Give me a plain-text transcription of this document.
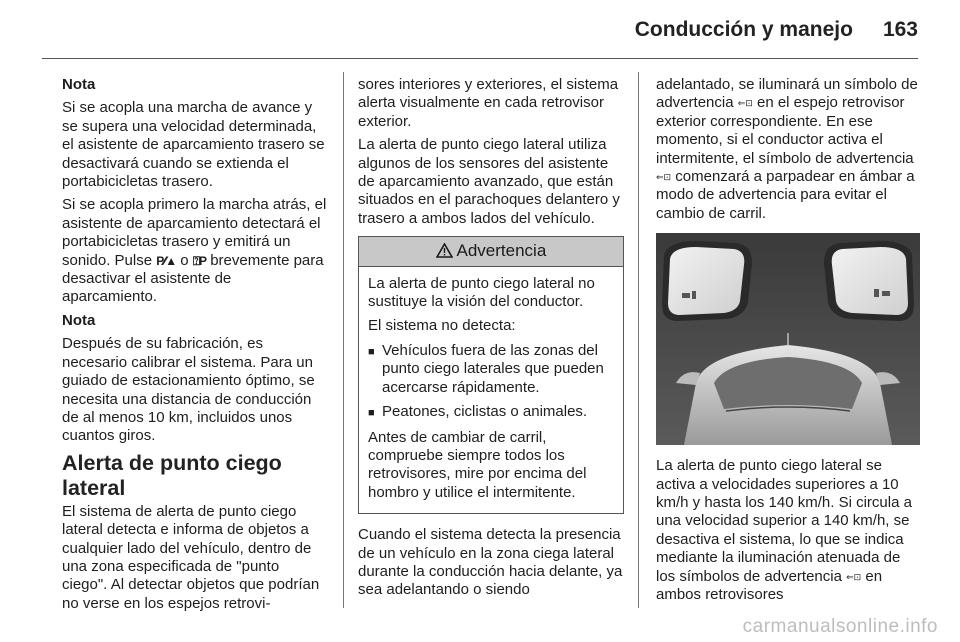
Conducción y manejo 163

Nota

Si se acopla una marcha de avance y se supera una velocidad determinada, el asistente de aparcamiento trasero se desactivará cuando se extienda el portabicicletas trasero.

Si se acopla primero la marcha atrás, el asistente de aparcamiento detectará el portabicicletas trasero y emitirá un sonido. Pulse P⁄⁄▲ o ⍰P brevemente para desactivar el asistente de aparcamiento.

Nota

Después de su fabricación, es necesario calibrar el sistema. Para un guiado de estacionamiento óptimo, se necesita una distancia de conducción de al menos 10 km, incluidos unos cuantos giros.

Alerta de punto ciego lateral

El sistema de alerta de punto ciego lateral detecta e informa de objetos a cualquier lado del vehículo, dentro de una zona especificada de "punto ciego". Al detectar objetos que podrían no verse en los espejos retrovi-

sores interiores y exteriores, el sistema alerta visualmente en cada retrovisor exterior.

La alerta de punto ciego lateral utiliza algunos de los sensores del asistente de aparcamiento avanzado, que están situados en el parachoques delantero y trasero a ambos lados del vehículo.

Advertencia

La alerta de punto ciego lateral no sustituye la visión del conductor.

El sistema no detecta:

■ Vehículos fuera de las zonas del punto ciego laterales que pueden acercarse rápidamente.
■ Peatones, ciclistas o animales.

Antes de cambiar de carril, compruebe siempre todos los retrovisores, mire por encima del hombro y utilice el intermitente.

Cuando el sistema detecta la presencia de un vehículo en la zona ciega lateral durante la conducción hacia delante, ya sea adelantando o siendo

adelantado, se iluminará un símbolo de advertencia ⇐⊡ en el espejo retrovisor exterior correspondiente. En ese momento, si el conductor activa el intermitente, el símbolo de advertencia ⇐⊡ comenzará a parpadear en ámbar a modo de advertencia para evitar el cambio de carril.

La alerta de punto ciego lateral se activa a velocidades superiores a 10 km/h y hasta los 140 km/h. Si circula a una velocidad superior a 140 km/h, se desactiva el sistema, lo que se indica mediante la iluminación atenuada de los símbolos de advertencia ⇐⊡ en ambos retrovisores

carmanualsonline.info
